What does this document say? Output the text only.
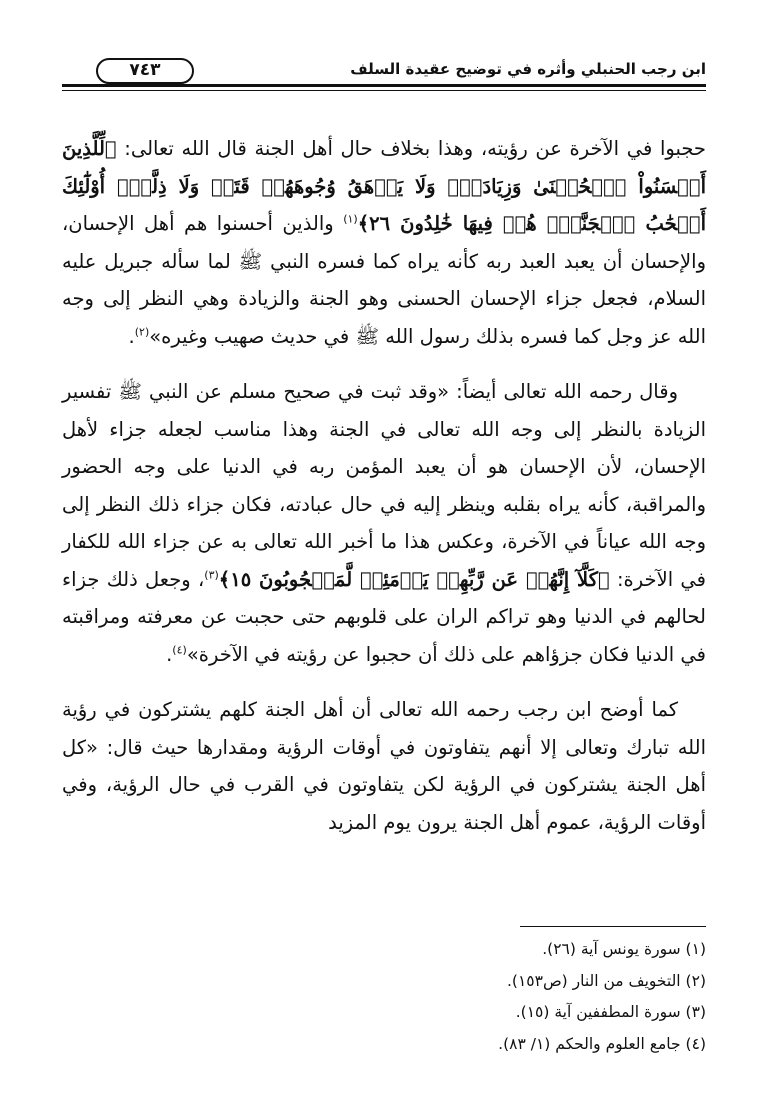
ابن رجب الحنبلي وأثره في توضيح عقيدة السلف
٧٤٣

حجبوا في الآخرة عن رؤيته، وهذا بخلاف حال أهل الجنة قال الله تعالى: ﴿لِّلَّذِينَ أَحۡسَنُواْ ٱلۡحُسۡنَىٰ وَزِيَادَةٞۖ وَلَا يَرۡهَقُ وُجُوهَهُمۡ قَتَرٞ وَلَا ذِلَّةٌۚ أُوْلَٰٓئِكَ أَصۡحَٰبُ ٱلۡجَنَّةِۖ هُمۡ فِيهَا خَٰلِدُونَ ٢٦﴾$^{(١)}$ والذين أحسنوا هم أهل الإحسان، والإحسان أن يعبد العبد ربه كأنه يراه كما فسره النبي ﷺ لما سأله جبريل عليه السلام، فجعل جزاء الإحسان الحسنى وهو الجنة والزيادة وهي النظر إلى وجه الله عز وجل كما فسره بذلك رسول الله ﷺ في حديث صهيب وغيره»$^{(٢)}$.

وقال رحمه الله تعالى أيضاً: «وقد ثبت في صحيح مسلم عن النبي ﷺ تفسير الزيادة بالنظر إلى وجه الله تعالى في الجنة وهذا مناسب لجعله جزاء لأهل الإحسان، لأن الإحسان هو أن يعبد المؤمن ربه في الدنيا على وجه الحضور والمراقبة، كأنه يراه بقلبه وينظر إليه في حال عبادته، فكان جزاء ذلك النظر إلى وجه الله عياناً في الآخرة، وعكس هذا ما أخبر الله تعالى به عن جزاء الله للكفار في الآخرة: ﴿كَلَّآ إِنَّهُمۡ عَن رَّبِّهِمۡ يَوۡمَئِذٖ لَّمَحۡجُوبُونَ ١٥﴾$^{(٣)}$، وجعل ذلك جزاء لحالهم في الدنيا وهو تراكم الران على قلوبهم حتى حجبت عن معرفته ومراقبته في الدنيا فكان جزؤاهم على ذلك أن حجبوا عن رؤيته في الآخرة»$^{(٤)}$.

كما أوضح ابن رجب رحمه الله تعالى أن أهل الجنة كلهم يشتركون في رؤية الله تبارك وتعالى إلا أنهم يتفاوتون في أوقات الرؤية ومقدارها حيث قال: «كل أهل الجنة يشتركون في الرؤية لكن يتفاوتون في القرب في حال الرؤية، وفي أوقات الرؤية، عموم أهل الجنة يرون يوم المزيد

(١) سورة يونس آية (٢٦).
(٢) التخويف من النار (ص١٥٣).
(٣) سورة المطففين آية (١٥).
(٤) جامع العلوم والحكم (١/ ٨٣).
